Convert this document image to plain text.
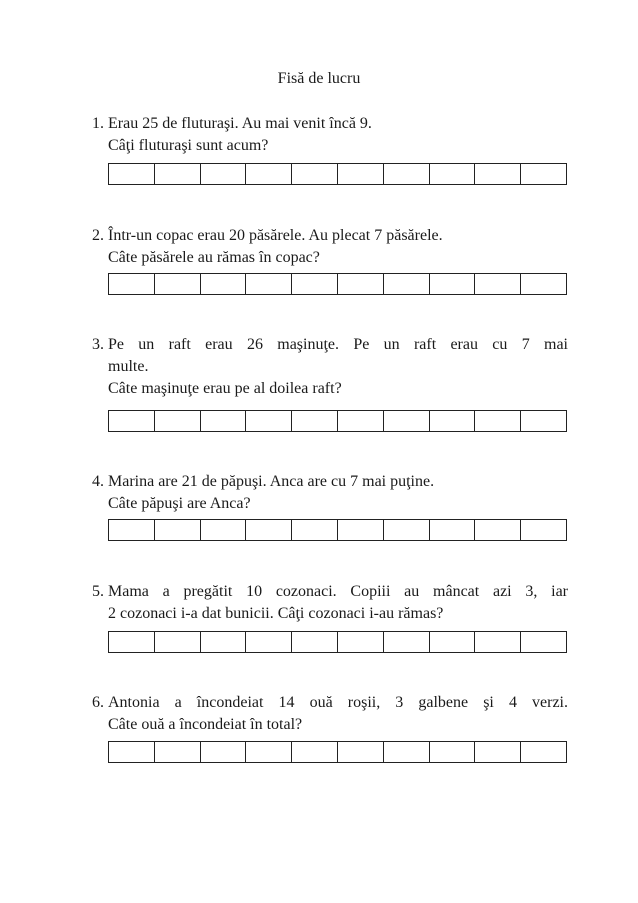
Fisă de lucru
1. Erau 25 de fluturaşi. Au mai venit încă 9.
Câţi fluturaşi sunt acum?
2. Într-un copac erau 20 păsărele. Au plecat 7 păsărele.
Câte păsărele au rămas în copac?
3. Pe un raft erau 26 maşinuţe. Pe un raft erau cu 7 mai
multe.
Câte maşinuţe erau pe al doilea raft?
4. Marina are 21 de păpuşi. Anca are cu 7 mai puţine.
Câte păpuşi are Anca?
5. Mama a pregătit 10 cozonaci. Copiii au mâncat azi 3, iar
2 cozonaci i-a dat bunicii. Câţi cozonaci i-au rămas?
6. Antonia a încondeiat 14 ouă roşii, 3 galbene şi 4 verzi.
Câte ouă a încondeiat în total?
